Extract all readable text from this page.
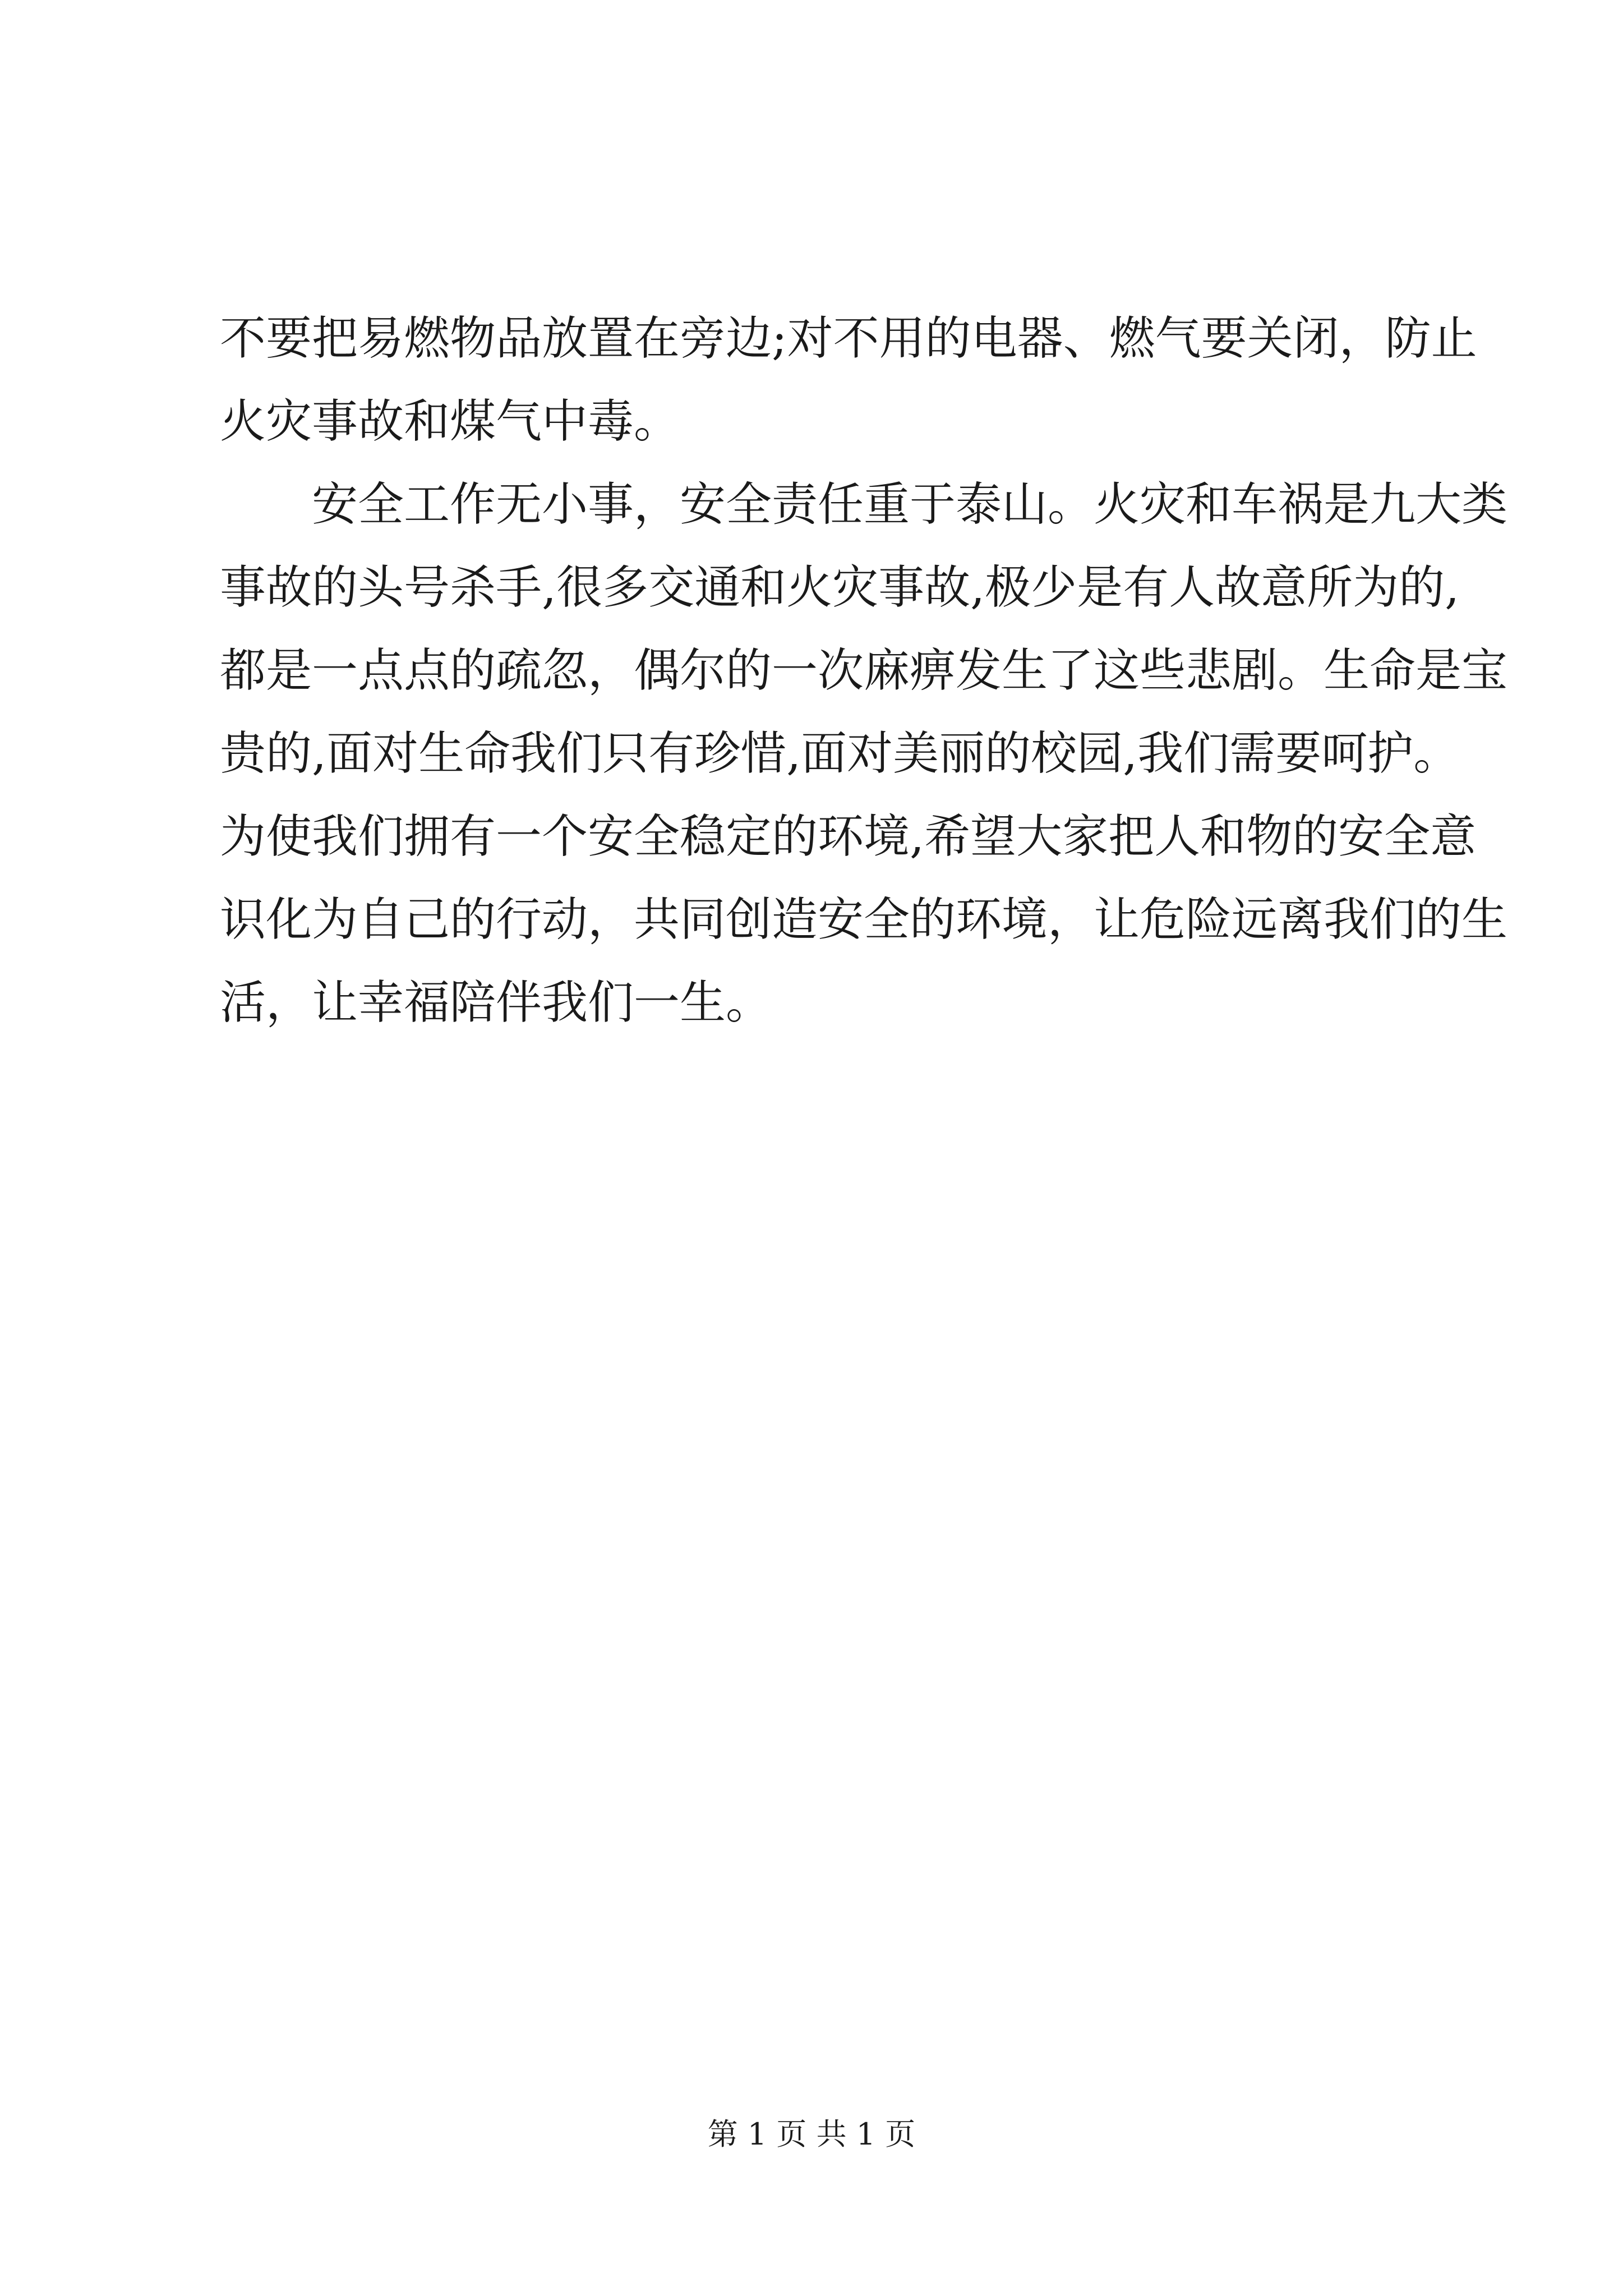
不要把易燃物品放置在旁边;对不用的电器、燃气要关闭，防止
火灾事故和煤气中毒。
安全工作无小事，安全责任重于泰山。火灾和车祸是九大类
事故的头号杀手,很多交通和火灾事故,极少是有人故意所为的,
都是一点点的疏忽，偶尔的一次麻痹发生了这些悲剧。生命是宝
贵的,面对生命我们只有珍惜,面对美丽的校园,我们需要呵护。
为使我们拥有一个安全稳定的环境,希望大家把人和物的安全意
识化为自己的行动，共同创造安全的环境，让危险远离我们的生
活，让幸福陪伴我们一生。
第 1 页 共 1 页
